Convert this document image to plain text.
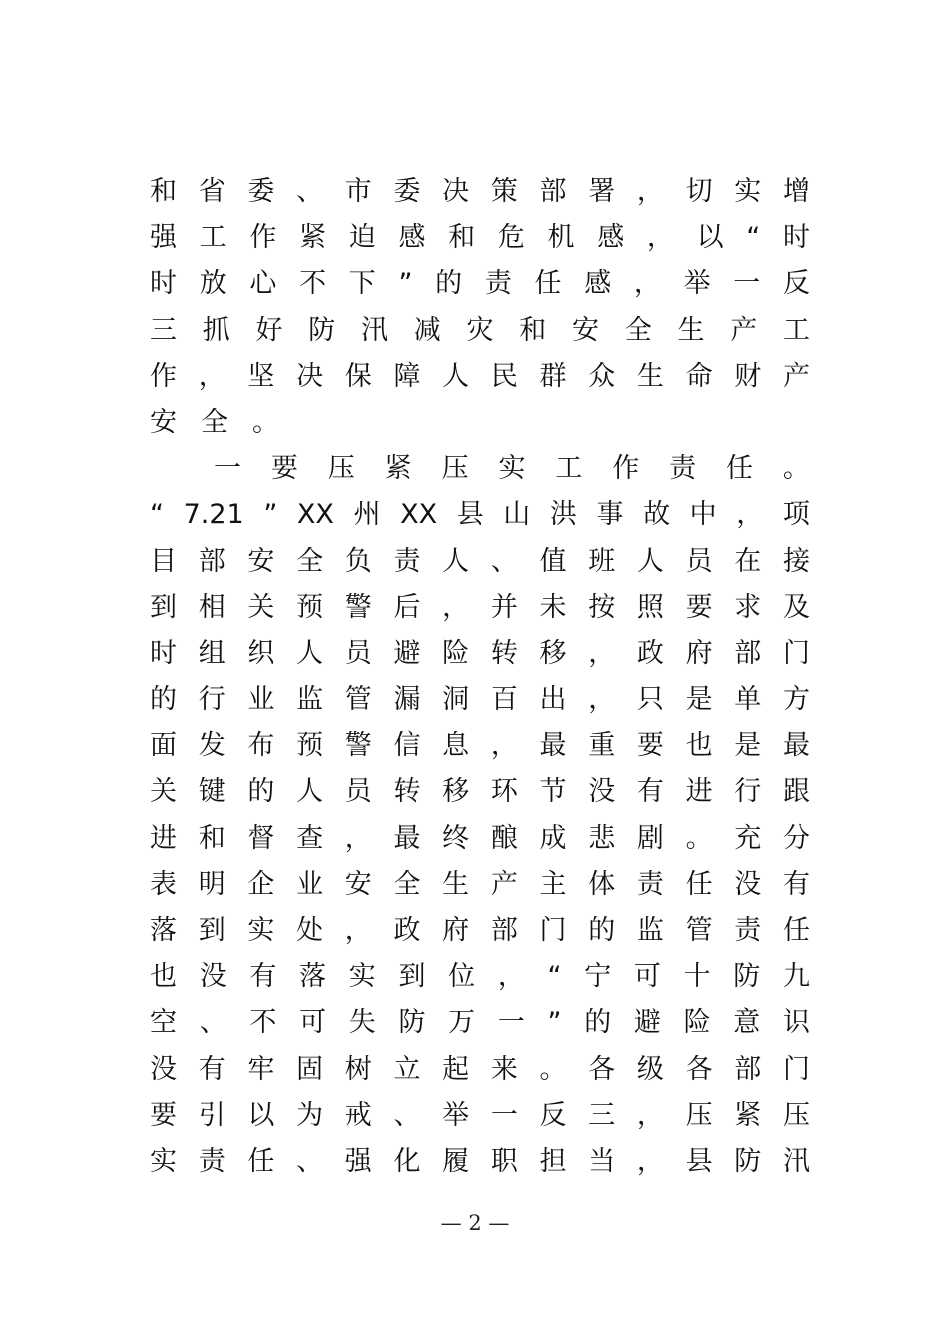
和 省 委 、 市 委 决 策 部 署 ， 切 实 增
强 工 作 紧 迫 感 和 危 机 感 ， 以 “ 时
时 放 心 不 下 ” 的 责 任 感 ， 举 一 反
三 抓 好 防 汛 减 灾 和 安 全 生 产 工
作 ， 坚 决 保 障 人 民 群 众 生 命 财 产
安全。
一 要 压 紧 压 实 工 作 责 任 。
“ 7.21 ” XX 州 XX 县 山 洪 事 故 中 ， 项
目 部 安 全 负 责 人 、 值 班 人 员 在 接
到 相 关 预 警 后 ， 并 未 按 照 要 求 及
时 组 织 人 员 避 险 转 移 ， 政 府 部 门
的 行 业 监 管 漏 洞 百 出 ， 只 是 单 方
面 发 布 预 警 信 息 ， 最 重 要 也 是 最
关 键 的 人 员 转 移 环 节 没 有 进 行 跟
进 和 督 查 ， 最 终 酿 成 悲 剧 。 充 分
表 明 企 业 安 全 生 产 主 体 责 任 没 有
落 到 实 处 ， 政 府 部 门 的 监 管 责 任
也 没 有 落 实 到 位 ， “ 宁 可 十 防 九
空 、 不 可 失 防 万 一 ” 的 避 险 意 识
没 有 牢 固 树 立 起 来 。 各 级 各 部 门
要 引 以 为 戒 、 举 一 反 三 ， 压 紧 压
实 责 任 、 强 化 履 职 担 当 ， 县 防 汛
— 2 —
